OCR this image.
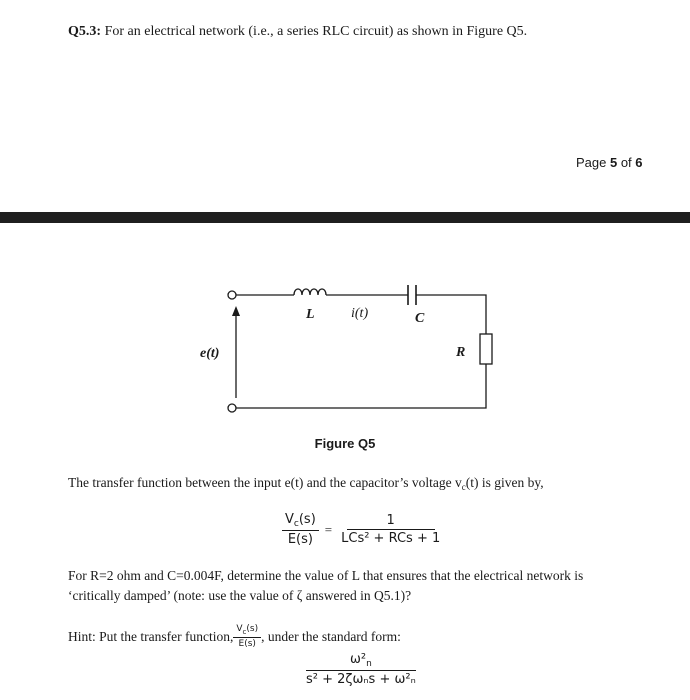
Q5.3: For an electrical network (i.e., a series RLC circuit) as shown in Figure Q5.
Page 5 of 6
e(t)
L	i(t)	C
R
Figure Q5
The transfer function between the input e(t) and the capacitor’s voltage $v_c(t)$ is given by,
$\frac{V_c(s)}{E(s)} = \frac{1}{\text{LCs² + RCs + 1}}$
For R=2 ohm and C=0.004F, determine the value of L that ensures that the electrical network is
‘critically damped’ (note: use the value of ζ answered in Q5.1)?
Hint: Put the transfer function, $\frac{V_c(s)}{E(s)}$ , under the standard form:
$\frac{\omega^2_n}{\text{s² + 2ζωₙs + ω²ₙ}}$
